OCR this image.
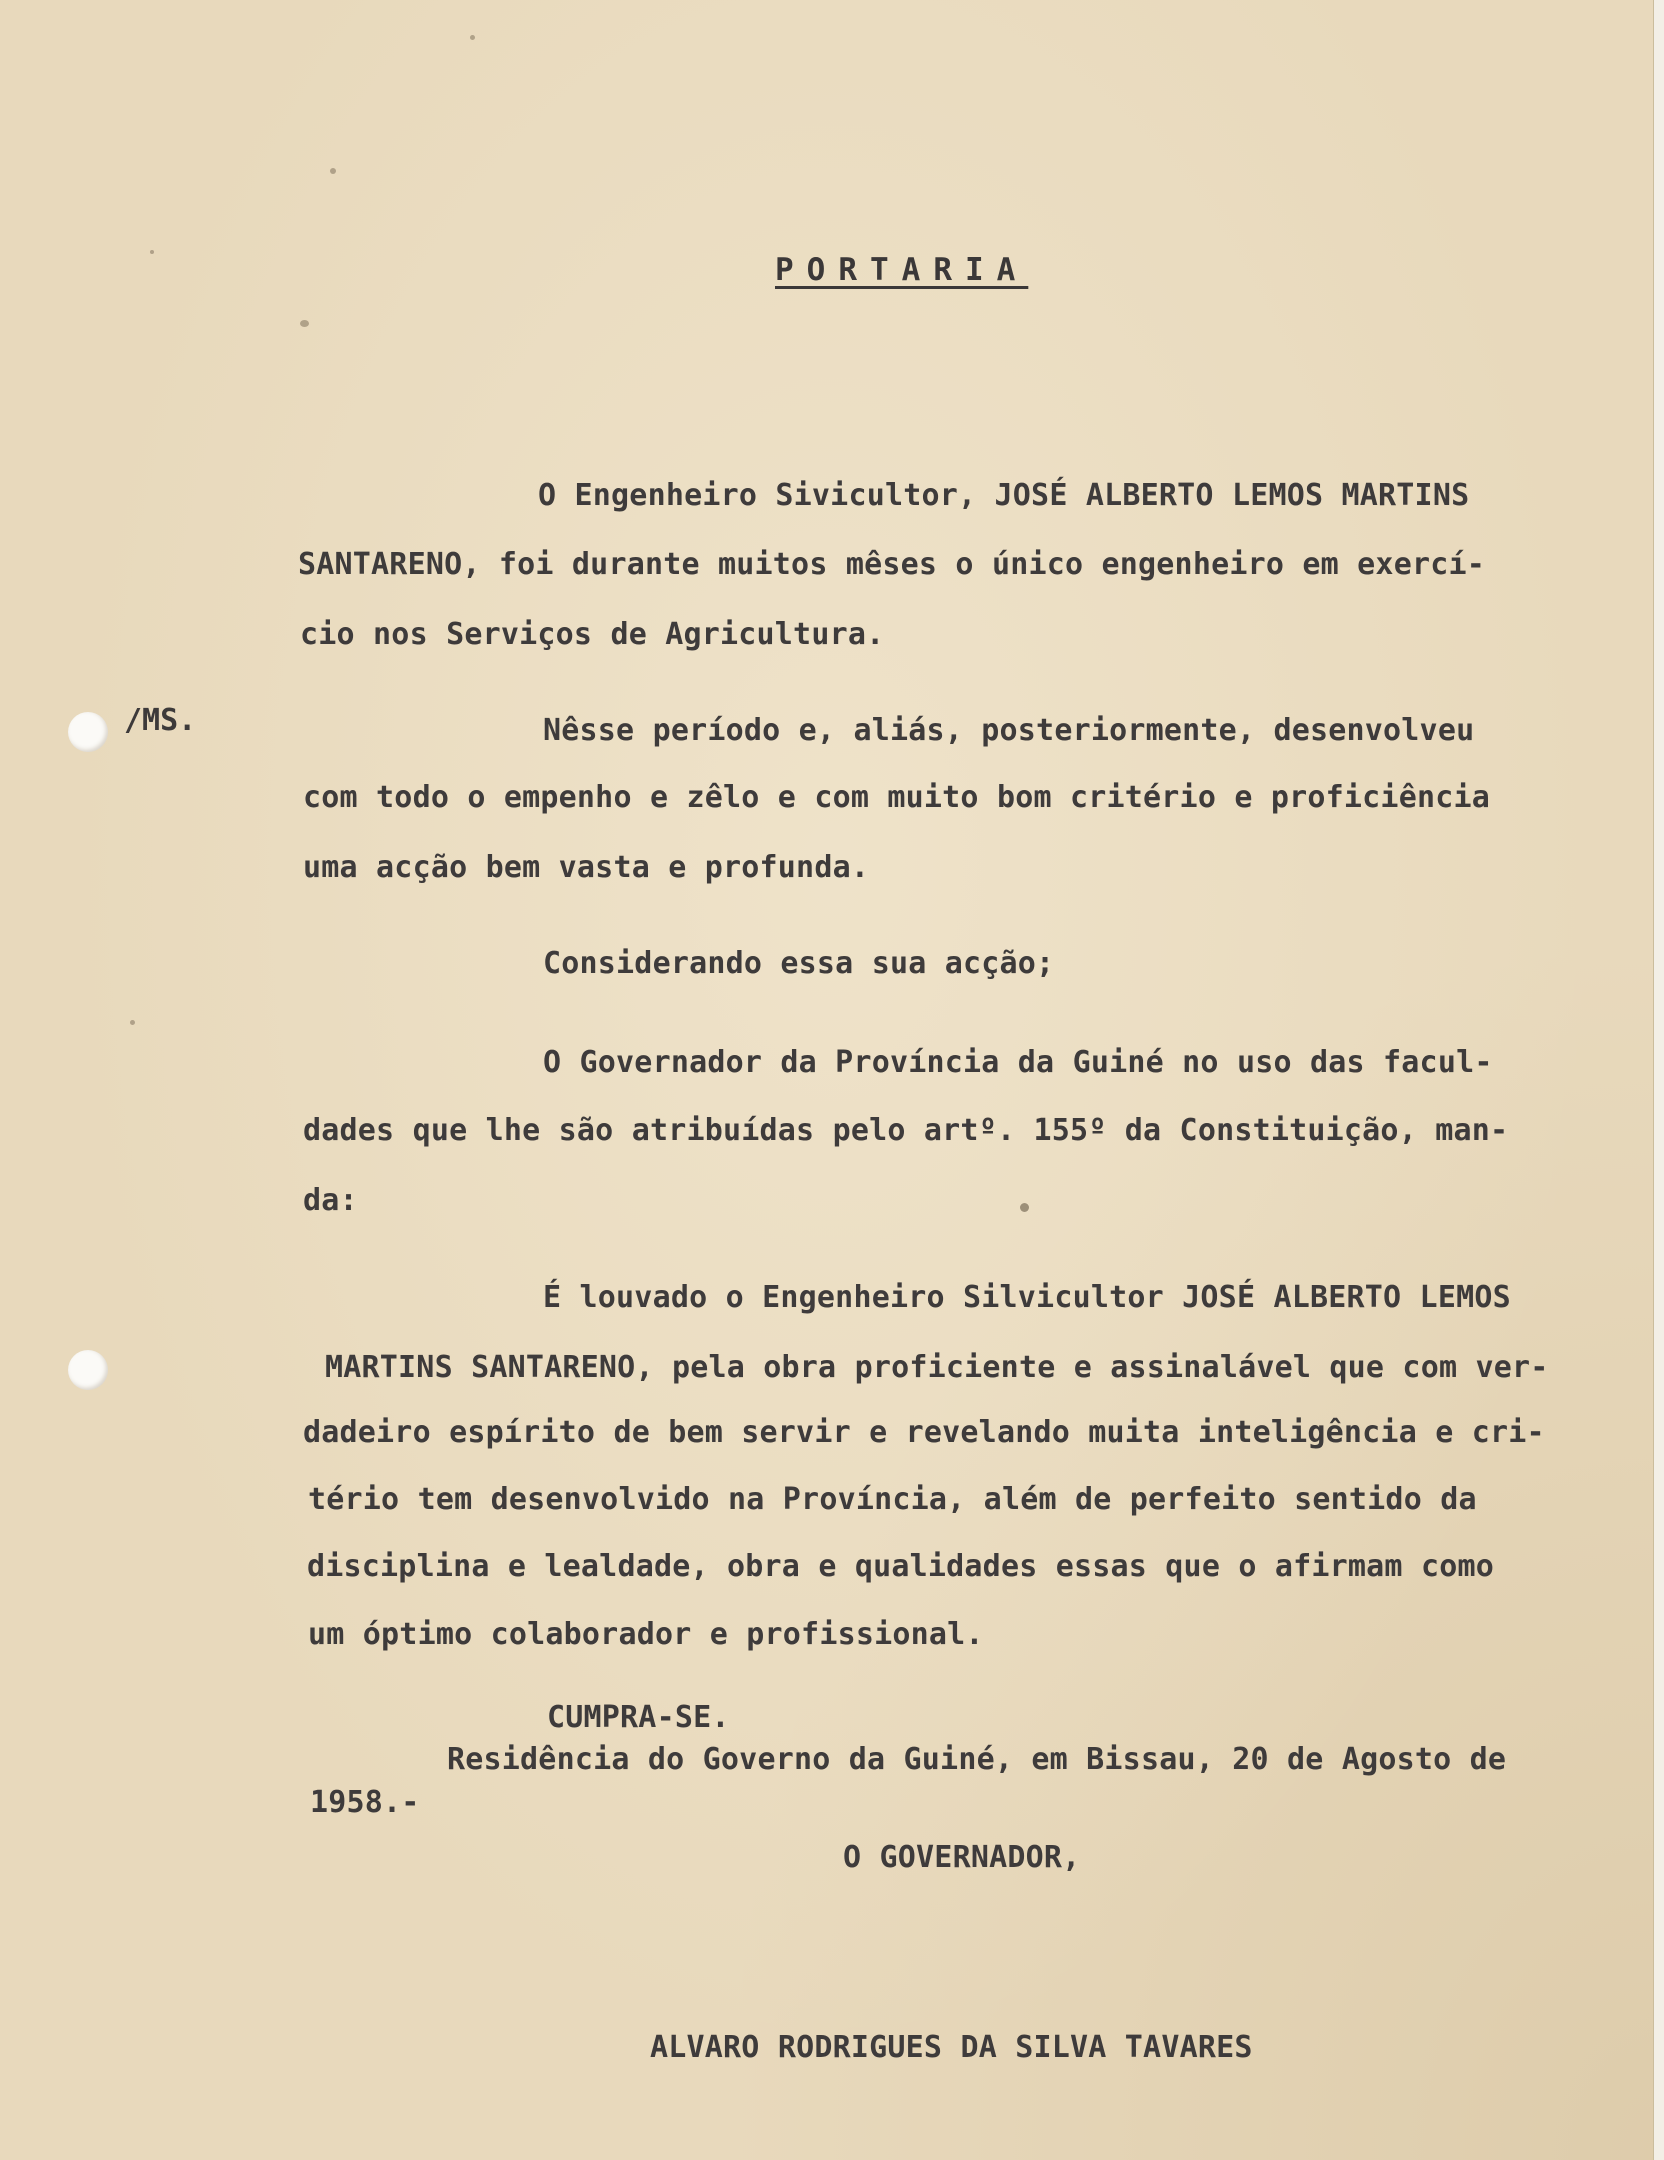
PORTARIA
/MS.
O Engenheiro Sivicultor, JOSÉ ALBERTO LEMOS MARTINS
SANTARENO, foi durante muitos mêses o único engenheiro em exercí-
cio nos Serviços de Agricultura.
Nêsse período e, aliás, posteriormente, desenvolveu
com todo o empenho e zêlo e com muito bom critério e proficiência
uma acção bem vasta e profunda.
Considerando essa sua acção;
O Governador da Província da Guiné no uso das facul-
dades que lhe são atribuídas pelo artº. 155º da Constituição, man-
da:
É louvado o Engenheiro Silvicultor JOSÉ ALBERTO LEMOS
MARTINS SANTARENO, pela obra proficiente e assinalável que com ver-
dadeiro espírito de bem servir e revelando muita inteligência e cri-
tério tem desenvolvido na Província, além de perfeito sentido da
disciplina e lealdade, obra e qualidades essas que o afirmam como
um óptimo colaborador e profissional.
CUMPRA-SE.
Residência do Governo da Guiné, em Bissau, 20 de Agosto de
1958.-
O GOVERNADOR,
ALVARO RODRIGUES DA SILVA TAVARES
